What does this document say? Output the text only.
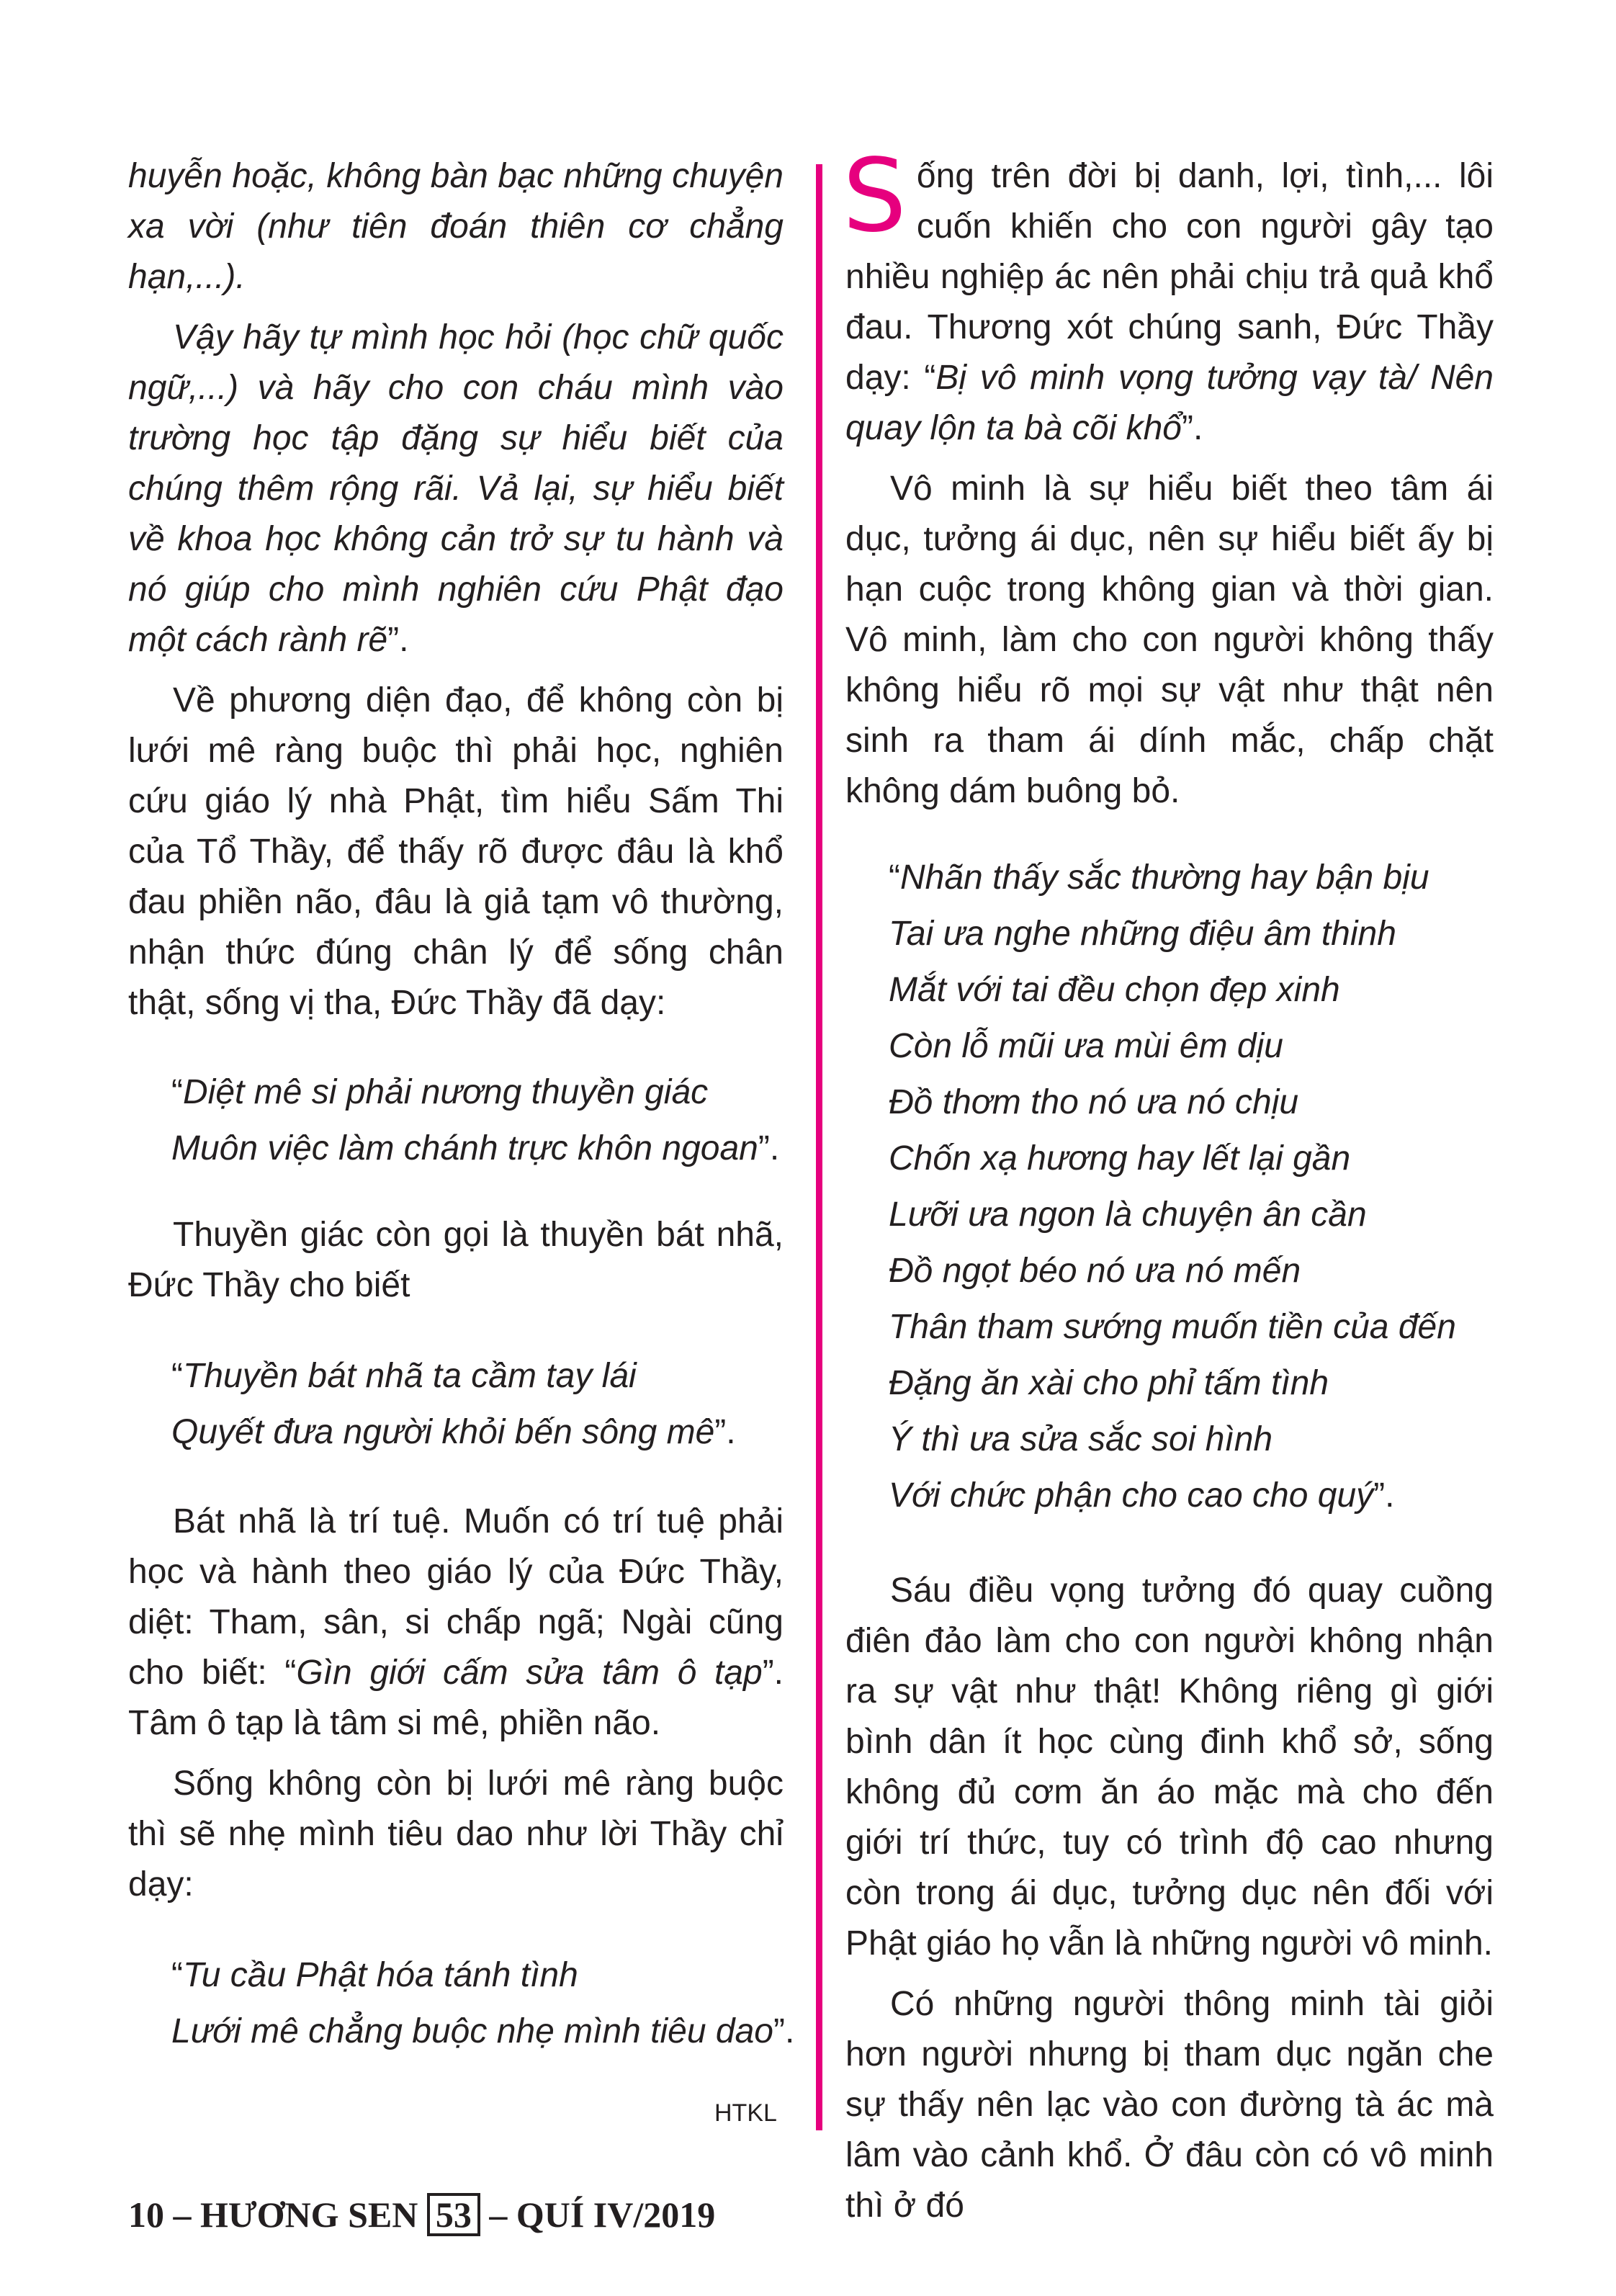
huyễn hoặc, không bàn bạc những chuyện xa vời (như tiên đoán thiên cơ chẳng hạn,...).

Vậy hãy tự mình học hỏi (học chữ quốc ngữ,...) và hãy cho con cháu mình vào trường học tập đặng sự hiểu biết của chúng thêm rộng rãi. Vả lại, sự hiểu biết về khoa học không cản trở sự tu hành và nó giúp cho mình nghiên cứu Phật đạo một cách rành rẽ”.

Về phương diện đạo, để không còn bị lưới mê ràng buộc thì phải học, nghiên cứu giáo lý nhà Phật, tìm hiểu Sấm Thi của Tổ Thầy, để thấy rõ được đâu là khổ đau phiền não, đâu là giả tạm vô thường, nhận thức đúng chân lý để sống chân thật, sống vị tha, Đức Thầy đã dạy:

“Diệt mê si phải nương thuyền giác
Muôn việc làm chánh trực khôn ngoan”.

Thuyền giác còn gọi là thuyền bát nhã, Đức Thầy cho biết

“Thuyền bát nhã ta cầm tay lái
Quyết đưa người khỏi bến sông mê”.

Bát nhã là trí tuệ. Muốn có trí tuệ phải học và hành theo giáo lý của Đức Thầy, diệt: Tham, sân, si chấp ngã; Ngài cũng cho biết: “Gìn giới cấm sửa tâm ô tạp”. Tâm ô tạp là tâm si mê, phiền não.

Sống không còn bị lưới mê ràng buộc thì sẽ nhẹ mình tiêu dao như lời Thầy chỉ dạy:

“Tu cầu Phật hóa tánh tình
Lưới mê chẳng buộc nhẹ mình tiêu dao”.
HTKL

Sống trên đời bị danh, lợi, tình,... lôi cuốn khiến cho con người gây tạo nhiều nghiệp ác nên phải chịu trả quả khổ đau. Thương xót chúng sanh, Đức Thầy dạy: “Bị vô minh vọng tưởng vạy tà/ Nên quay lộn ta bà cõi khổ”.

Vô minh là sự hiểu biết theo tâm ái dục, tưởng ái dục, nên sự hiểu biết ấy bị hạn cuộc trong không gian và thời gian. Vô minh, làm cho con người không thấy không hiểu rõ mọi sự vật như thật nên sinh ra tham ái dính mắc, chấp chặt không dám buông bỏ.

“Nhãn thấy sắc thường hay bận bịu
Tai ưa nghe những điệu âm thinh
Mắt với tai đều chọn đẹp xinh
Còn lỗ mũi ưa mùi êm dịu
Đồ thơm tho nó ưa nó chịu
Chốn xạ hương hay lết lại gần
Lưỡi ưa ngon là chuyện ân cần
Đồ ngọt béo nó ưa nó mến
Thân tham sướng muốn tiền của đến
Đặng ăn xài cho phỉ tấm tình
Ý thì ưa sửa sắc soi hình
Với chức phận cho cao cho quý”.

Sáu điều vọng tưởng đó quay cuồng điên đảo làm cho con người không nhận ra sự vật như thật! Không riêng gì giới bình dân ít học cùng đinh khổ sở, sống không đủ cơm ăn áo mặc mà cho đến giới trí thức, tuy có trình độ cao nhưng còn trong ái dục, tưởng dục nên đối với Phật giáo họ vẫn là những người vô minh.

Có những người thông minh tài giỏi hơn người nhưng bị tham dục ngăn che sự thấy nên lạc vào con đường tà ác mà lâm vào cảnh khổ. Ở đâu còn có vô minh thì ở đó

10 – HƯƠNG SEN 53 – QUÍ IV/2019
